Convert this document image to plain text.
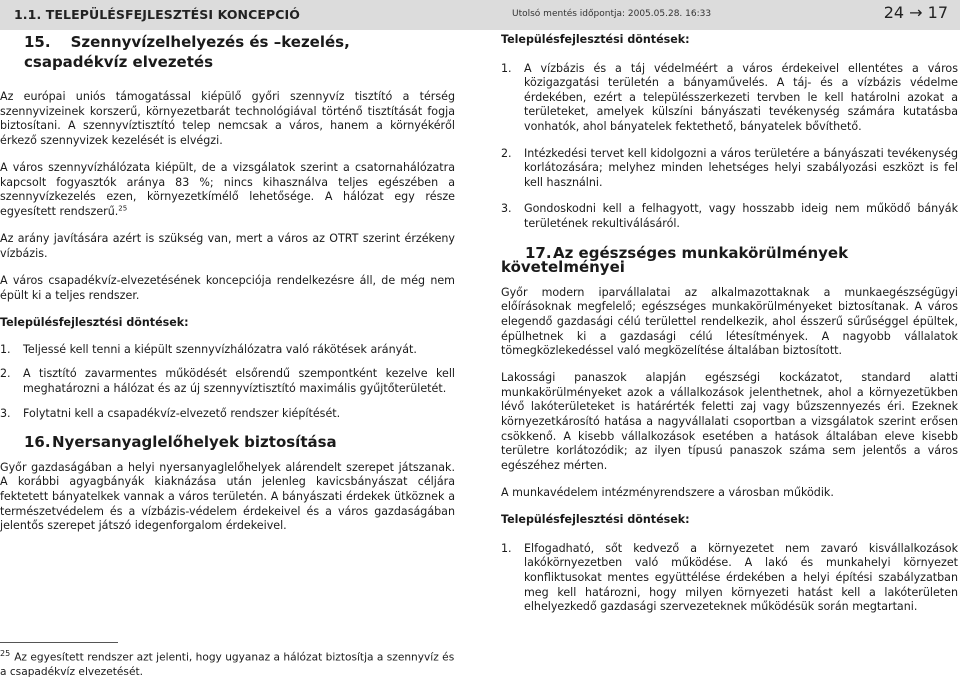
1.1. TELEPÜLÉSFEJLESZTÉSI KONCEPCIÓ	Utolsó mentés időpontja: 2005.05.28. 16:33	24 → 17
15. Szennyvízelhelyezés és –kezelés, csapadékvíz elvezetés

Az európai uniós támogatással kiépülő győri szennyvíz tisztító a térség szennyvizeinek korszerű, környezetbarát technológiával történő tisztítását fogja biztosítani. A szennyvíztisztító telep nemcsak a város, hanem a környékéről érkező szennyvizek kezelését is elvégzi.

A város szennyvízhálózata kiépült, de a vizsgálatok szerint a csatornahálózatra kapcsolt fogyasztók aránya 83 %; nincs kihasználva teljes egészében a szennyvízkezelés ezen, környezetkímélő lehetősége. A hálózat egy része egyesített rendszerű.$^{25}$

Az arány javítására azért is szükség van, mert a város az OTRT szerint érzékeny vízbázis.

A város csapadékvíz-elvezetésének koncepciója rendelkezésre áll, de még nem épült ki a teljes rendszer.

Településfejlesztési döntések:

1.	Teljessé kell tenni a kiépült szennyvízhálózatra való rákötések arányát.
2.	A tisztító zavarmentes működését elsőrendű szempontként kezelve kell meghatározni a hálózat és az új szennyvíztisztító maximális gyűjtőterületét.
3.	Folytatni kell a csapadékvíz-elvezető rendszer kiépítését.
16.Nyersanyaglelőhelyek biztosítása

Győr gazdaságában a helyi nyersanyaglelőhelyek alárendelt szerepet játszanak. A korábbi agyagbányák kiaknázása után jelenleg kavicsbányászat céljára fektetett bányatelkek vannak a város területén. A bányászati érdekek ütköznek a természetvédelem és a vízbázis-védelem érdekeivel és a város gazdaságában jelentős szerepet játszó idegenforgalom érdekeivel.

$^{25}$ Az egyesített rendszer azt jelenti, hogy ugyanaz a hálózat biztosítja a szennyvíz és a csapadékvíz elvezetését.

Településfejlesztési döntések:

1.	A vízbázis és a táj védelméért a város érdekeivel ellentétes a város közigazgatási területén a bányaművelés. A táj- és a vízbázis védelme érdekében, ezért a településszerkezeti tervben le kell határolni azokat a területeket, amelyek külszíni bányászati tevékenység számára kutatásba vonhatók, ahol bányatelek fektethető, bányatelek bővíthető.
2.	Intézkedési tervet kell kidolgozni a város területére a bányászati tevékenység korlátozására; melyhez minden lehetséges helyi szabályozási eszközt is fel kell használni.
3.	Gondoskodni kell a felhagyott, vagy hosszabb ideig nem működő bányák területének rekultiválásáról.
17.Az egészséges munkakörülmények követelményei

Győr modern iparvállalatai az alkalmazottaknak a munkaegészségügyi előírásoknak megfelelő; egészséges munkakörülményeket biztosítanak. A város elegendő gazdasági célú területtel rendelkezik, ahol ésszerű sűrűséggel épültek, épülhetnek ki a gazdasági célú létesítmények. A nagyobb vállalatok tömegközlekedéssel való megközelítése általában biztosított.

Lakossági panaszok alapján egészségi kockázatot, standard alatti munkakörülményeket azok a vállalkozások jelenthetnek, ahol a környezetükben lévő lakóterületeket is határérték feletti zaj vagy bűzszennyezés éri. Ezeknek környezetkárosító hatása a nagyvállalati csoportban a vizsgálatok szerint erősen csökkenő. A kisebb vállalkozások esetében a hatások általában eleve kisebb területre korlátozódik; az ilyen típusú panaszok száma sem jelentős a város egészéhez mérten.

A munkavédelem intézményrendszere a városban működik.

Településfejlesztési döntések:

1.	Elfogadható, sőt kedvező a környezetet nem zavaró kisvállalkozások lakókörnyezetben való működése. A lakó és munkahelyi környezet konfliktusokat mentes együttélése érdekében a helyi építési szabályzatban meg kell határozni, hogy milyen környezeti hatást kell a lakóterületen elhelyezkedő gazdasági szervezeteknek működésük során megtartani.
